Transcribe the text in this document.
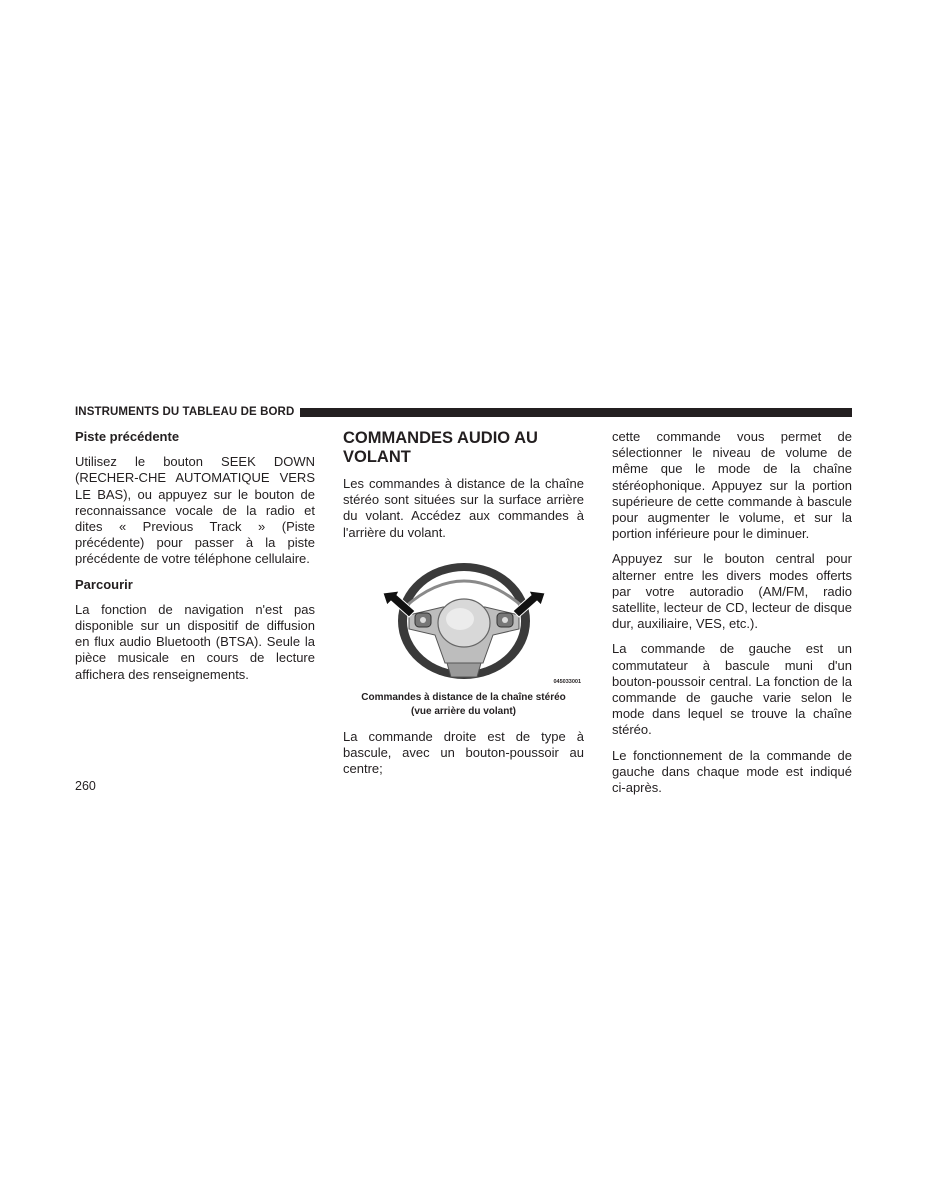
INSTRUMENTS DU TABLEAU DE BORD
Piste précédente

Utilisez le bouton SEEK DOWN (RECHER-CHE AUTOMATIQUE VERS LE BAS), ou appuyez sur le bouton de reconnaissance vocale de la radio et dites « Previous Track » (Piste précédente) pour passer à la piste précédente de votre téléphone cellulaire.

Parcourir

La fonction de navigation n'est pas disponible sur un dispositif de diffusion en flux audio Bluetooth (BTSA). Seule la pièce musicale en cours de lecture affichera des renseignements.

COMMANDES AUDIO AU VOLANT

Les commandes à distance de la chaîne stéréo sont situées sur la surface arrière du volant. Accédez aux commandes à l'arrière du volant.

045033001
Commandes à distance de la chaîne stéréo
(vue arrière du volant)

La commande droite est de type à bascule, avec un bouton-poussoir au centre;

cette commande vous permet de sélectionner le niveau de volume de même que le mode de la chaîne stéréophonique. Appuyez sur la portion supérieure de cette commande à bascule pour augmenter le volume, et sur la portion inférieure pour le diminuer.

Appuyez sur le bouton central pour alterner entre les divers modes offerts par votre autoradio (AM/FM, radio satellite, lecteur de CD, lecteur de disque dur, auxiliaire, VES, etc.).

La commande de gauche est un commutateur à bascule muni d'un bouton-poussoir central. La fonction de la commande de gauche varie selon le mode dans lequel se trouve la chaîne stéréo.

Le fonctionnement de la commande de gauche dans chaque mode est indiqué ci-après.

260
